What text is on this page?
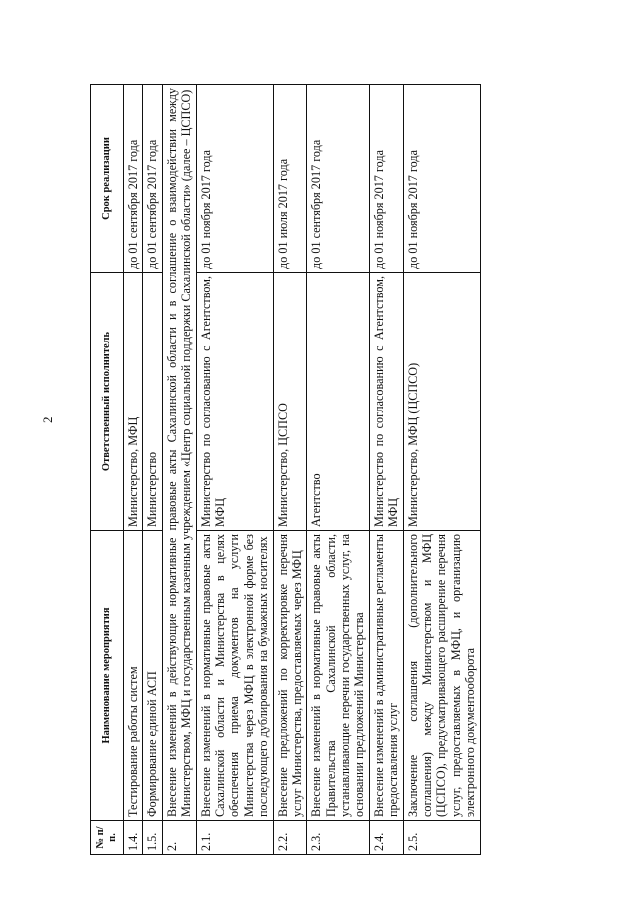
2
№ п/п.	Наименование мероприятия	Ответственный исполнитель	Срок реализации
1.4.	Тестирование работы систем	Министерство, МФЦ	до 01 сентября 2017 года
1.5.	Формирование единой АСП	Министерство	до 01 сентября 2017 года
2.	Внесение изменений в действующие нормативные правовые акты Сахалинской области и в соглашение о взаимодействии между Министерством, МФЦ и государственным казенным учреждением «Центр социальной поддержки Сахалинской области» (далее – ЦСПСО)		
2.1.	Внесение изменений в нормативные правовые акты Сахалинской области и Министерства в целях обеспечения приема документов на услуги Министерства через МФЦ в электронной форме без последующего дублирования на бумажных носителях	Министерство по согласованию с Агентством, МФЦ	до 01 ноября 2017 года
2.2.	Внесение предложений по корректировке перечня услуг Министерства, предоставляемых через МФЦ	Министерство, ЦСПСО	до 01 июля 2017 года
2.3.	Внесение изменений в нормативные правовые акты Правительства Сахалинской области, устанавливающие перечни государственных услуг, на основании предложений Министерства	Агентство	до 01 сентября 2017 года
2.4.	Внесение изменений в административные регламенты предоставления услуг	Министерство по согласованию с Агентством, МФЦ	до 01 ноября 2017 года
2.5.	Заключение соглашения (дополнительного соглашения) между Министерством и МФЦ (ЦСПСО), предусматривающего расширение перечня услуг, предоставляемых в МФЦ, и организацию электронного документооборота	Министерство, МФЦ (ЦСПСО)	до 01 ноября 2017 года
